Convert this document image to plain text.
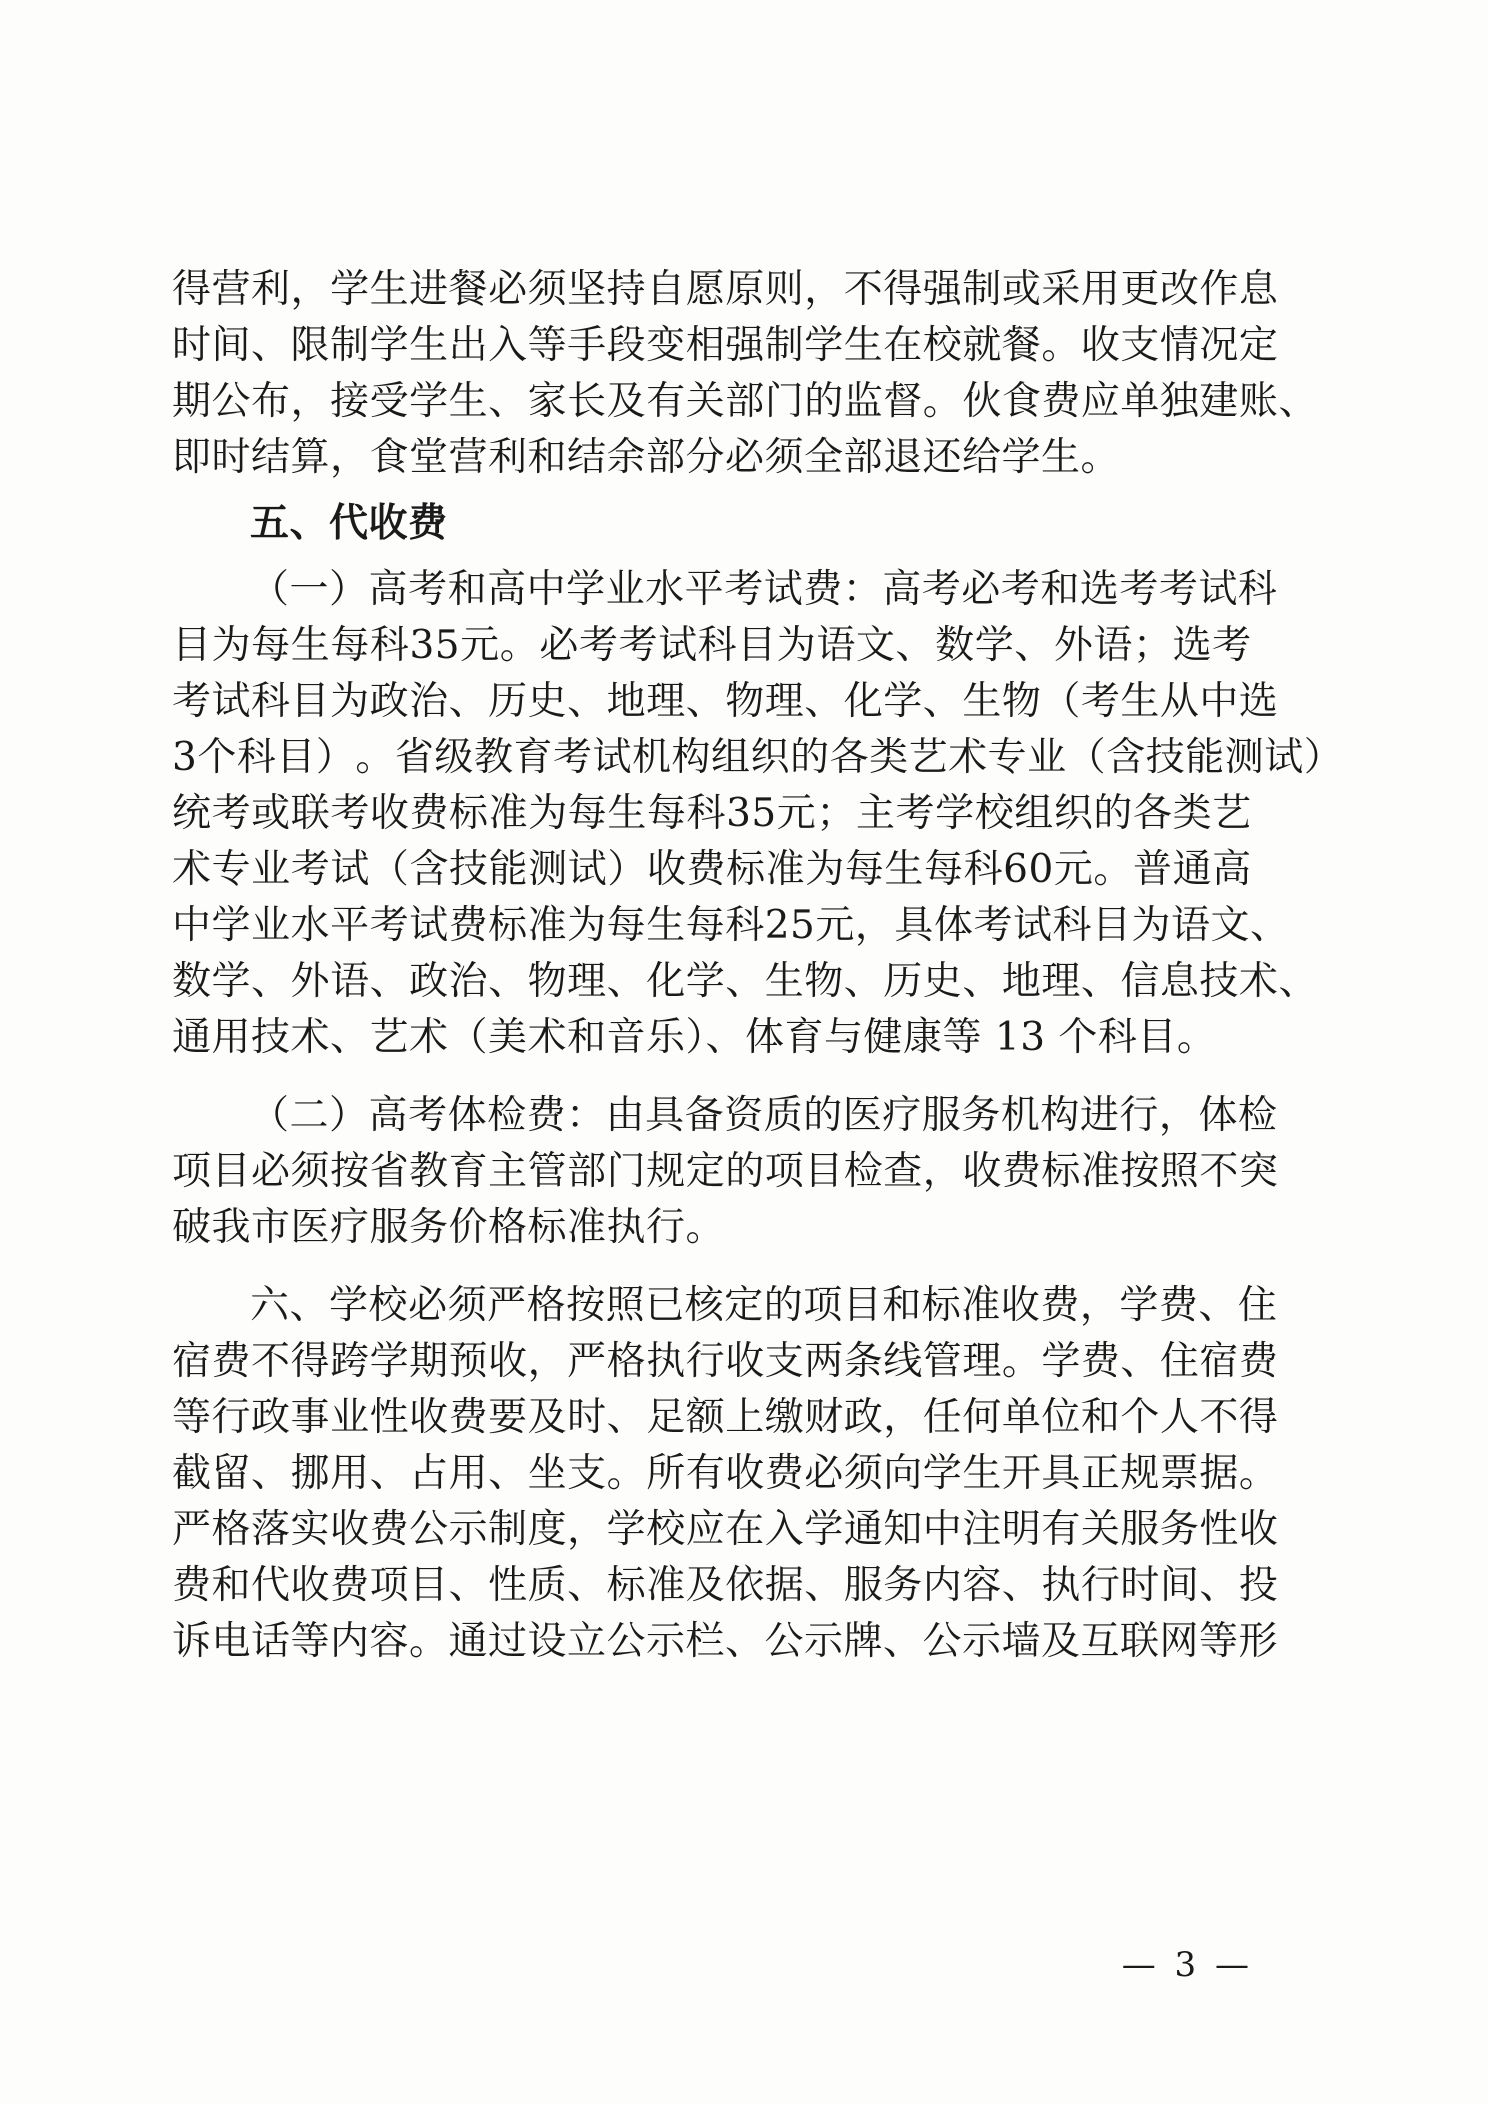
得 营 利 ， 学 生 进 餐 必 须 坚 持 自 愿 原 则 ， 不 得 强 制 或 采 用 更 改 作 息
时 间 、 限 制 学 生 出 入 等 手 段 变 相 强 制 学 生 在 校 就 餐 。 收 支 情 况 定
期 公 布 ， 接 受 学 生 、 家 长 及 有 关 部 门 的 监 督 。 伙 食 费 应 单 独 建 账 、
即时结算，食堂营利和结余部分必须全部退还给学生。
五、代收费
（ 一 ） 高 考 和 高 中 学 业 水 平 考 试 费 ： 高 考 必 考 和 选 考 考 试 科
目 为 每 生 每 科 35 元 。 必 考 考 试 科 目 为 语 文 、 数 学 、 外 语 ； 选 考
考 试 科 目 为 政 治 、 历 史 、 地 理 、 物 理 、 化 学 、 生 物 （ 考 生 从 中 选
3 个 科 目 ） 。 省 级 教 育 考 试 机 构 组 织 的 各 类 艺 术 专 业 （ 含 技 能 测 试 ）
统 考 或 联 考 收 费 标 准 为 每 生 每 科 35 元 ； 主 考 学 校 组 织 的 各 类 艺
术 专 业 考 试 （ 含 技 能 测 试 ） 收 费 标 准 为 每 生 每 科 60 元 。 普 通 高
中 学 业 水 平 考 试 费 标 准 为 每 生 每 科 25 元 ， 具 体 考 试 科 目 为 语 文 、
数 学 、 外 语 、 政 治 、 物 理 、 化 学 、 生 物 、 历 史 、 地 理 、 信 息 技 术 、
通用技术、艺术（美术和音乐）、体育与健康等 13 个科目。
（ 二 ） 高 考 体 检 费 ： 由 具 备 资 质 的 医 疗 服 务 机 构 进 行 ， 体 检
项 目 必 须 按 省 教 育 主 管 部 门 规 定 的 项 目 检 查 ， 收 费 标 准 按 照 不 突
破我市医疗服务价格标准执行。
六 、 学 校 必 须 严 格 按 照 已 核 定 的 项 目 和 标 准 收 费 ， 学 费 、 住
宿 费 不 得 跨 学 期 预 收 ， 严 格 执 行 收 支 两 条 线 管 理 。 学 费 、 住 宿 费
等 行 政 事 业 性 收 费 要 及 时 、 足 额 上 缴 财 政 ， 任 何 单 位 和 个 人 不 得
截 留 、 挪 用 、 占 用 、 坐 支 。 所 有 收 费 必 须 向 学 生 开 具 正 规 票 据 。
严 格 落 实 收 费 公 示 制 度 ， 学 校 应 在 入 学 通 知 中 注 明 有 关 服 务 性 收
费 和 代 收 费 项 目 、 性 质 、 标 准 及 依 据 、 服 务 内 容 、 执 行 时 间 、 投
诉电话等内容。通过设立公示栏、公示牌、公示墙及互联网等形
— 3 —
